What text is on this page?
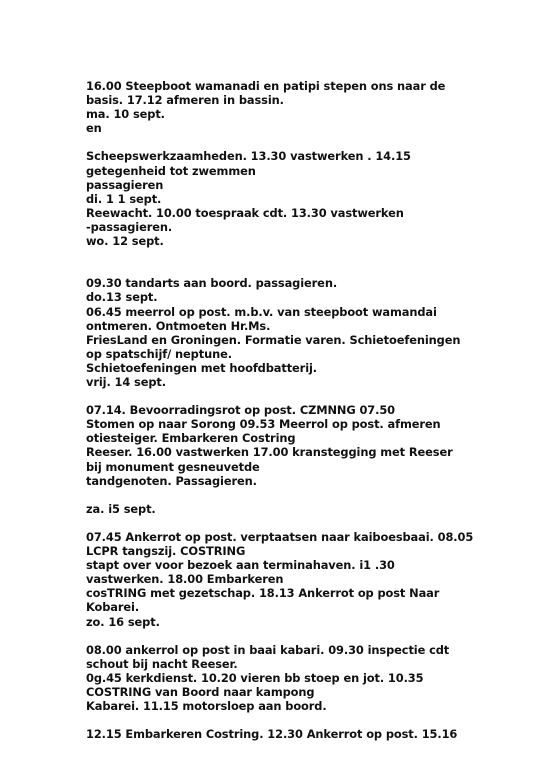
16.00 Steepboot wamanadi en patipi stepen ons naar de
basis. 17.12 afmeren in bassin.
ma. 10 sept.
en
Scheepswerkzaamheden. 13.30 vastwerken . 14.15
getegenheid tot zwemmen
passagieren
di. 1 1 sept.
Reewacht. 10.00 toespraak cdt. 13.30 vastwerken
-passagieren.
wo. 12 sept.
09.30 tandarts aan boord. passagieren.
do.13 sept.
06.45 meerrol op post. m.b.v. van steepboot wamandai
ontmeren. Ontmoeten Hr.Ms.
FriesLand en Groningen. Formatie varen. Schietoefeningen
op spatschijf/ neptune.
Schietoefeningen met hoofdbatterij.
vrij. 14 sept.
07.14. Bevoorradingsrot op post. CZMNNG 07.50
Stomen op naar Sorong 09.53 Meerrol op post. afmeren
otiesteiger. Embarkeren Costring
Reeser. 16.00 vastwerken 17.00 kranstegging met Reeser
bij monument gesneuvetde
tandgenoten. Passagieren.
za. i5 sept.
07.45 Ankerrot op post. verptaatsen naar kaiboesbaai. 08.05
LCPR tangszij. COSTRING
stapt over voor bezoek aan terminahaven. i1 .30
vastwerken. 18.00 Embarkeren
cosTRING met gezetschap. 18.13 Ankerrot op post Naar
Kobarei.
zo. 16 sept.
08.00 ankerrol op post in baai kabari. 09.30 inspectie cdt
schout bij nacht Reeser.
0g.45 kerkdienst. 10.20 vieren bb stoep en jot. 10.35
COSTRING van Boord naar kampong
Kabarei. 11.15 motorsloep aan boord.
12.15 Embarkeren Costring. 12.30 Ankerrot op post. 15.16
